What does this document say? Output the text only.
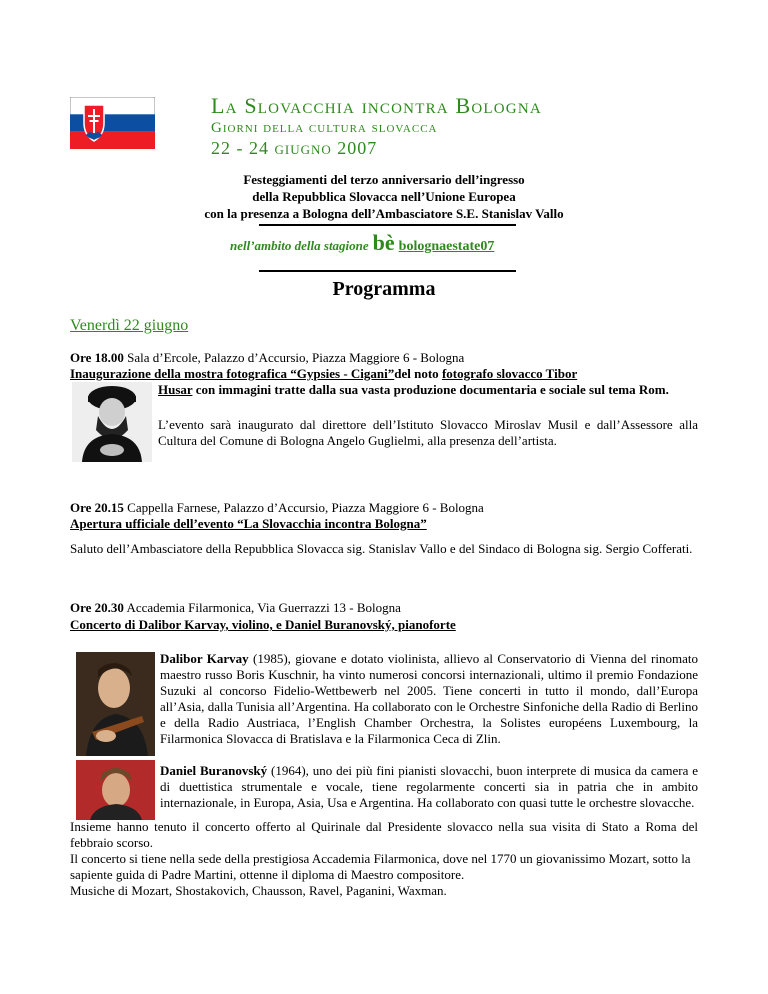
La Slovacchia incontra Bologna
Giorni della cultura slovacca
22 - 24 giugno 2007
Festeggiamenti del terzo anniversario dell’ingresso
della Repubblica Slovacca nell’Unione Europea
con la presenza a Bologna dell’Ambasciatore S.E. Stanislav Vallo
nell’ambito della stagione bè bolognaestate07
Programma
Venerdì 22 giugno
Ore 18.00 Sala d’Ercole, Palazzo d’Accursio, Piazza Maggiore 6 - Bologna
Inaugurazione della mostra fotografica “Gypsies - Cigani”del noto fotografo slovacco Tibor
Husar con immagini tratte dalla sua vasta produzione documentaria e sociale sul tema Rom.
L’evento sarà inaugurato dal direttore dell’Istituto Slovacco Miroslav Musil e dall’Assessore alla Cultura del Comune di Bologna Angelo Guglielmi, alla presenza dell’artista.
Ore 20.15 Cappella Farnese, Palazzo d’Accursio, Piazza Maggiore 6 - Bologna
Apertura ufficiale dell’evento “La Slovacchia incontra Bologna”
Saluto dell’Ambasciatore della Repubblica Slovacca sig. Stanislav Vallo e del Sindaco di Bologna sig. Sergio Cofferati.
Ore 20.30 Accademia Filarmonica, Via Guerrazzi 13 - Bologna
Concerto di Dalibor Karvay, violino, e Daniel Buranovský, pianoforte
Dalibor Karvay (1985), giovane e dotato violinista, allievo al Conservatorio di Vienna del rinomato maestro russo Boris Kuschnir, ha vinto numerosi concorsi internazionali, ultimo il premio Fondazione Suzuki al concorso Fidelio-Wettbewerb nel 2005. Tiene concerti in tutto il mondo, dall’Europa all’Asia, dalla Tunisia all’Argentina. Ha collaborato con le Orchestre Sinfoniche della Radio di Berlino e della Radio Austriaca, l’English Chamber Orchestra, la Solistes européens Luxembourg, la Filarmonica Slovacca di Bratislava e la Filarmonica Ceca di Zlin.
Daniel Buranovský (1964), uno dei più fini pianisti slovacchi, buon interprete di musica da camera e di duettistica strumentale e vocale, tiene regolarmente concerti sia in patria che in ambito internazionale, in Europa, Asia, Usa e Argentina. Ha collaborato con quasi tutte le orchestre slovacche.
Insieme hanno tenuto il concerto offerto al Quirinale dal Presidente slovacco nella sua visita di Stato a Roma del febbraio scorso.
Il concerto si tiene nella sede della prestigiosa Accademia Filarmonica, dove nel 1770 un giovanissimo Mozart, sotto la sapiente guida di Padre Martini, ottenne il diploma di Maestro compositore.
Musiche di Mozart, Shostakovich, Chausson, Ravel, Paganini, Waxman.
